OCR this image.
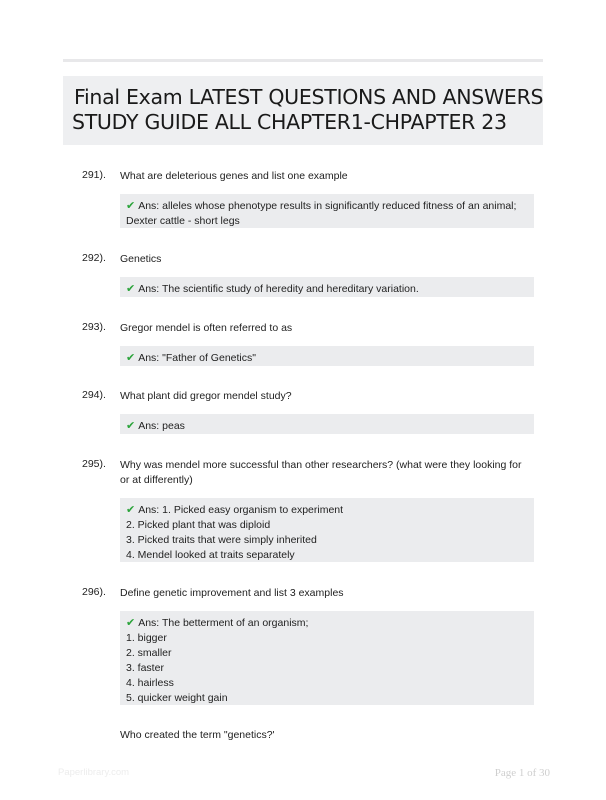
Final Exam LATEST QUESTIONS AND ANSWERS
STUDY GUIDE ALL CHAPTER1-CHPAPTER 23
291). What are deleterious genes and list one example
✔ Ans: alleles whose phenotype results in significantly reduced fitness of an animal;
Dexter cattle - short legs
292). Genetics
✔ Ans: The scientific study of heredity and hereditary variation.
293). Gregor mendel is often referred to as
✔ Ans: "Father of Genetics"
294). What plant did gregor mendel study?
✔ Ans: peas
295). Why was mendel more successful than other researchers? (what were they looking for
or at differently)
✔ Ans: 1. Picked easy organism to experiment
2. Picked plant that was diploid
3. Picked traits that were simply inherited
4. Mendel looked at traits separately
296). Define genetic improvement and list 3 examples
✔ Ans: The betterment of an organism;
1. bigger
2. smaller
3. faster
4. hairless
5. quicker weight gain
Who created the term "genetics?'
Paperlibrary.com	Page 1 of 30
